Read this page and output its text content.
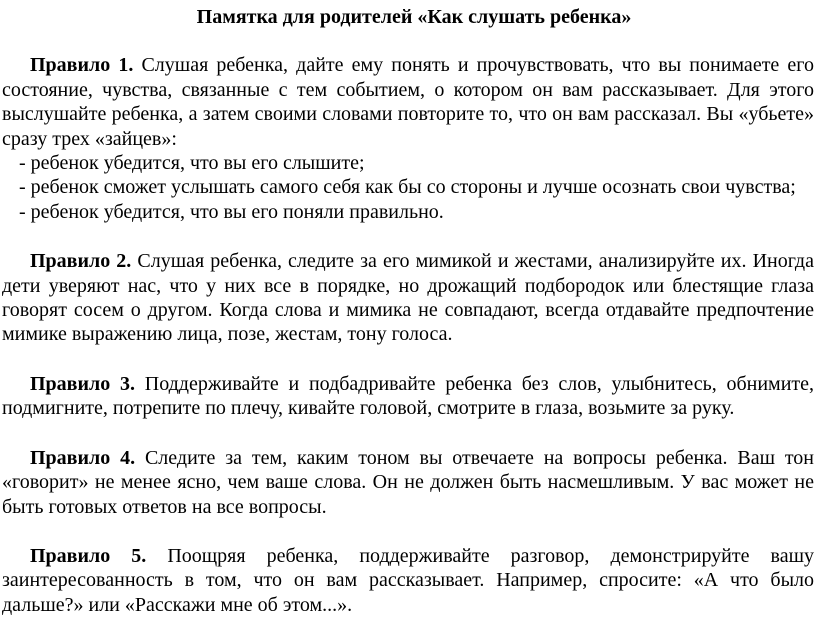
Памятка для родителей «Как слушать ребенка»

Правило 1. Слушая ребенка, дайте ему понять и прочувствовать, что вы понимаете его состояние, чувства, связанные с тем событием, о котором он вам рассказывает. Для этого выслушайте ребенка, а затем своими словами повторите то, что он вам рассказал. Вы «убьете» сразу трех «зайцев»:

- ребенок убедится, что вы его слышите;

- ребенок сможет услышать самого себя как бы со стороны и лучше осознать свои чувства;

- ребенок убедится, что вы его поняли правильно.

Правило 2. Слушая ребенка, следите за его мимикой и жестами, анализируйте их. Иногда дети уверяют нас, что у них все в порядке, но дрожащий подбородок или блестящие глаза говорят сосем о другом. Когда слова и мимика не совпадают, всегда отдавайте предпочтение мимике выражению лица, позе, жестам, тону голоса.

Правило 3. Поддерживайте и подбадривайте ребенка без слов, улыбнитесь, обнимите, подмигните, потрепите по плечу, кивайте головой, смотрите в глаза, возьмите за руку.

Правило 4. Следите за тем, каким тоном вы отвечаете на вопросы ребенка. Ваш тон «говорит» не менее ясно, чем ваше слова. Он не должен быть насмешливым. У вас может не быть готовых ответов на все вопросы.

Правило 5. Поощряя ребенка, поддерживайте разговор, демонстрируйте вашу заинтересованность в том, что он вам рассказывает. Например, спросите: «А что было дальше?» или «Расскажи мне об этом...».
